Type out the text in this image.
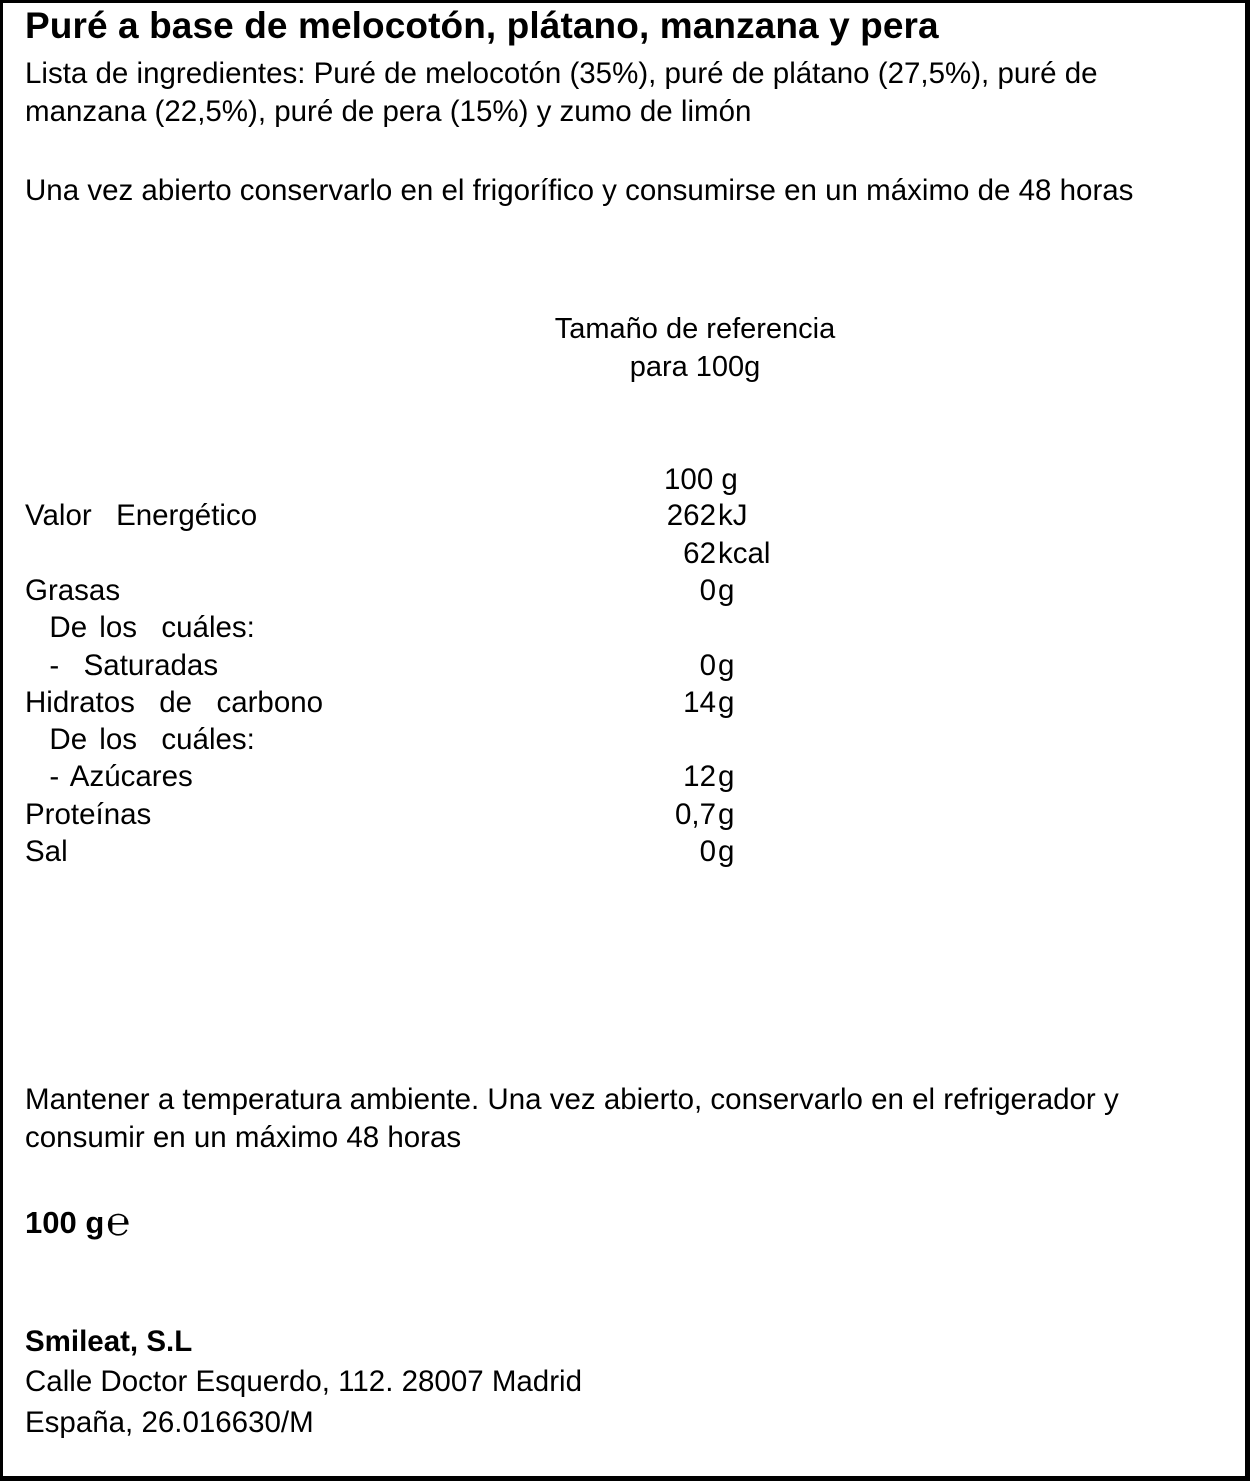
Puré a base de melocotón, plátano, manzana y pera
Lista de ingredientes: Puré de melocotón (35%), puré de plátano (27,5%), puré de manzana (22,5%), puré de pera (15%) y zumo de limón
Una vez abierto conservarlo en el frigorífico y consumirse en un máximo de 48 horas
Tamaño de referencia
para 100g
100 g
Valor  Energético	262 kJ
62 kcal
Grasas	0 g
De los  cuáles:
-  Saturadas	0 g
Hidratos  de  carbono	14 g
De los  cuáles:
- Azúcares	12 g
Proteínas	0,7 g
Sal	0 g
Mantener a temperatura ambiente. Una vez abierto, conservarlo en el refrigerador y consumir en un máximo 48 horas
100 g℮
Smileat, S.L
Calle Doctor Esquerdo, 112. 28007 Madrid
España, 26.016630/M
